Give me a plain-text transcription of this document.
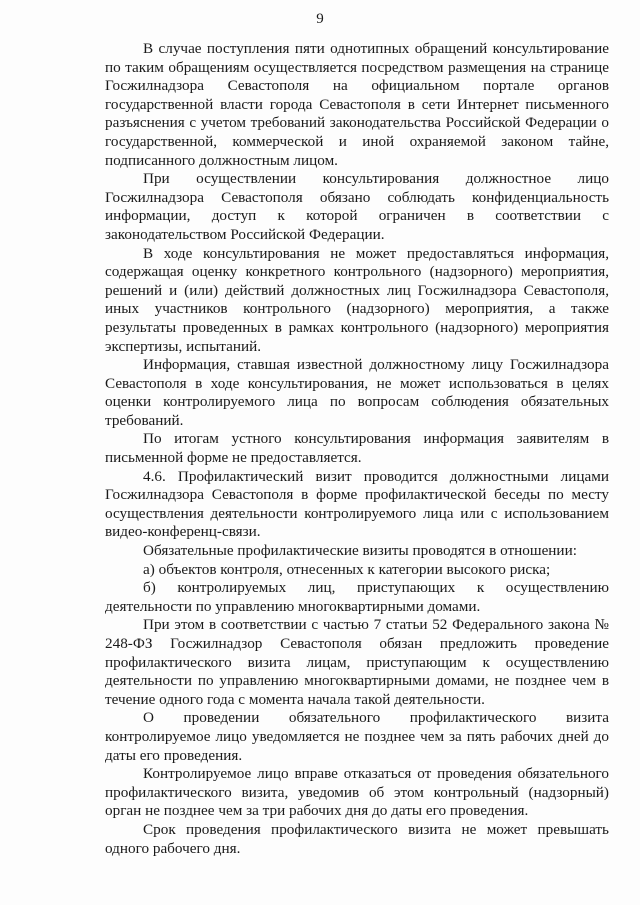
9

В случае поступления пяти однотипных обращений консультирование по таким обращениям осуществляется посредством размещения на странице Госжилнадзора Севастополя на официальном портале органов государственной власти города Севастополя в сети Интернет письменного разъяснения с учетом требований законодательства Российской Федерации о государственной, коммерческой и иной охраняемой законом тайне, подписанного должностным лицом.

При осуществлении консультирования должностное лицо Госжилнадзора Севастополя обязано соблюдать конфиденциальность информации, доступ к которой ограничен в соответствии с законодательством Российской Федерации.

В ходе консультирования не может предоставляться информация, содержащая оценку конкретного контрольного (надзорного) мероприятия, решений и (или) действий должностных лиц Госжилнадзора Севастополя, иных участников контрольного (надзорного) мероприятия, а также результаты проведенных в рамках контрольного (надзорного) мероприятия экспертизы, испытаний.

Информация, ставшая известной должностному лицу Госжилнадзора Севастополя в ходе консультирования, не может использоваться в целях оценки контролируемого лица по вопросам соблюдения обязательных требований.

По итогам устного консультирования информация заявителям в письменной форме не предоставляется.

4.6. Профилактический визит проводится должностными лицами Госжилнадзора Севастополя в форме профилактической беседы по месту осуществления деятельности контролируемого лица или с использованием видео-конференц-связи.

Обязательные профилактические визиты проводятся в отношении:

а) объектов контроля, отнесенных к категории высокого риска;

б) контролируемых лиц, приступающих к осуществлению деятельности по управлению многоквартирными домами.

При этом в соответствии с частью 7 статьи 52 Федерального закона № 248-ФЗ Госжилнадзор Севастополя обязан предложить проведение профилактического визита лицам, приступающим к осуществлению деятельности по управлению многоквартирными домами, не позднее чем в течение одного года с момента начала такой деятельности.

О проведении обязательного профилактического визита контролируемое лицо уведомляется не позднее чем за пять рабочих дней до даты его проведения.

Контролируемое лицо вправе отказаться от проведения обязательного профилактического визита, уведомив об этом контрольный (надзорный) орган не позднее чем за три рабочих дня до даты его проведения.

Срок проведения профилактического визита не может превышать одного рабочего дня.
